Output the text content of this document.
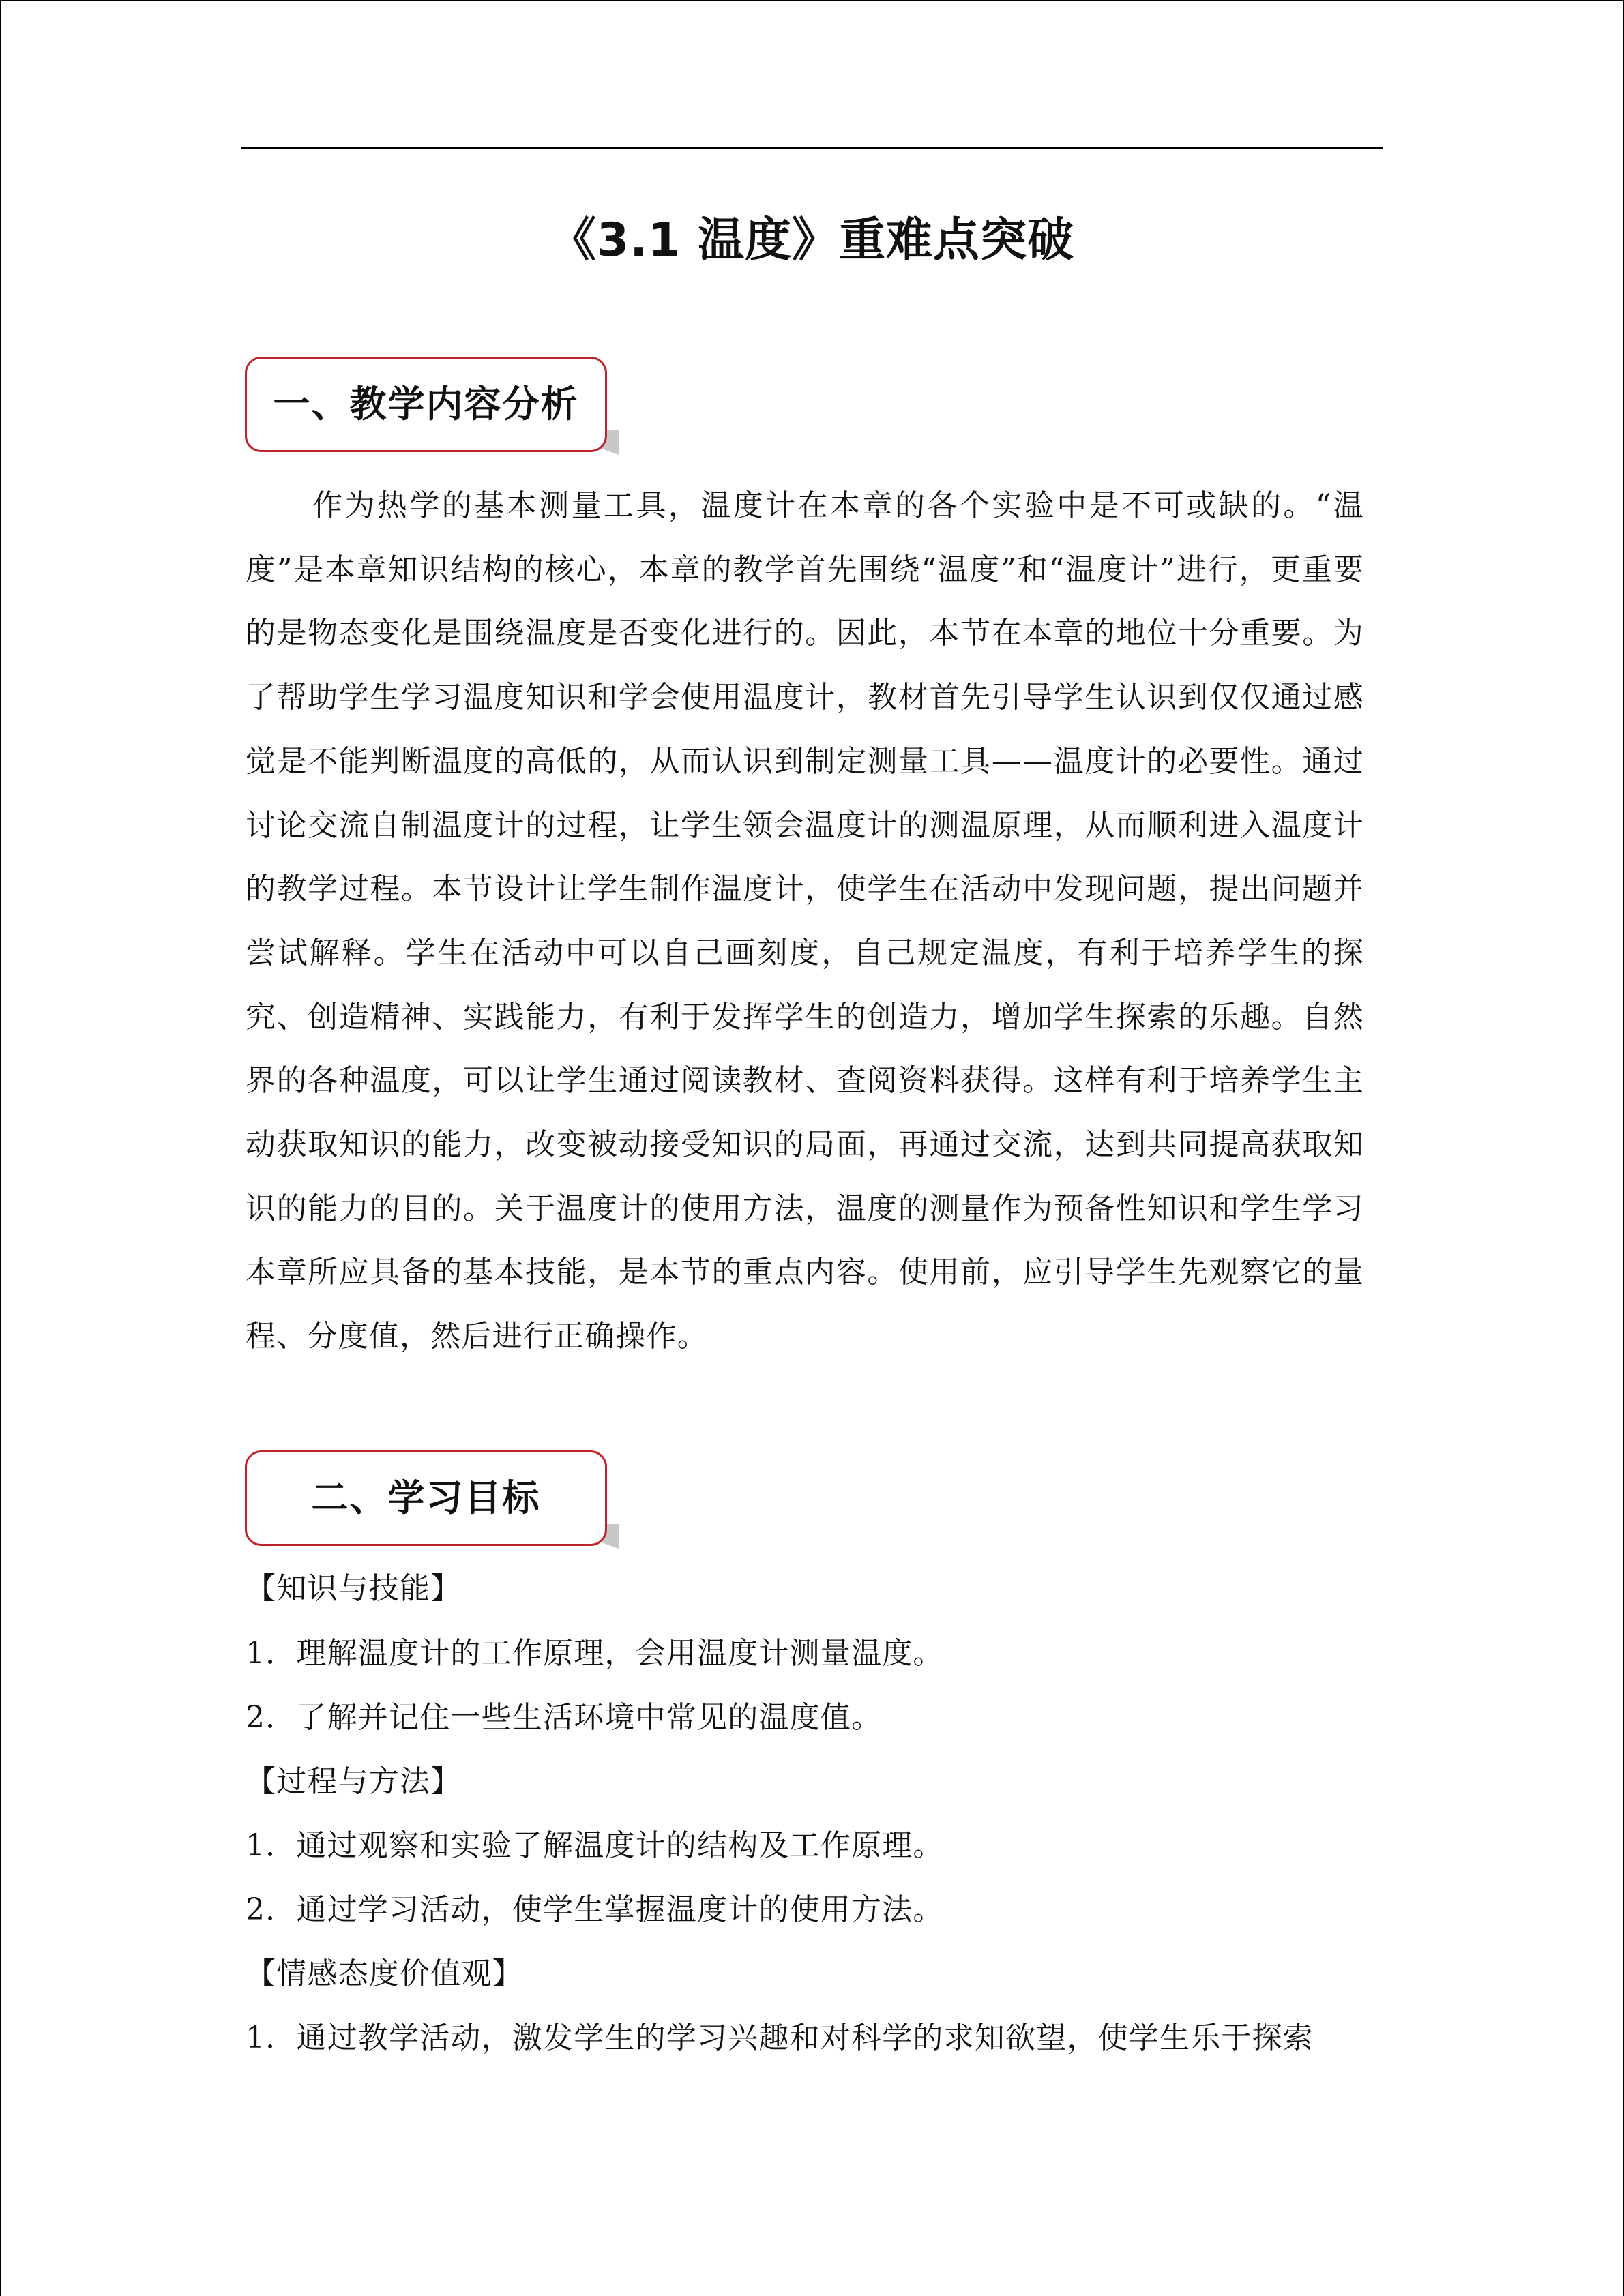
《3.1 温度》重难点突破
一、教学内容分析

作为热学的基本测量工具，温度计在本章的各个实验中是不可或缺的。“温度”是本章知识结构的核心，本章的教学首先围绕“温度”和“温度计”进行，更重要的是物态变化是围绕温度是否变化进行的。因此，本节在本章的地位十分重要。为了帮助学生学习温度知识和学会使用温度计，教材首先引导学生认识到仅仅通过感觉是不能判断温度的高低的，从而认识到制定测量工具——温度计的必要性。通过讨论交流自制温度计的过程，让学生领会温度计的测温原理，从而顺利进入温度计的教学过程。本节设计让学生制作温度计，使学生在活动中发现问题，提出问题并尝试解释。学生在活动中可以自己画刻度，自己规定温度，有利于培养学生的探究、创造精神、实践能力，有利于发挥学生的创造力，增加学生探索的乐趣。自然界的各种温度，可以让学生通过阅读教材、查阅资料获得。这样有利于培养学生主动获取知识的能力，改变被动接受知识的局面，再通过交流，达到共同提高获取知识的能力的目的。关于温度计的使用方法，温度的测量作为预备性知识和学生学习本章所应具备的基本技能，是本节的重点内容。使用前，应引导学生先观察它的量程、分度值，然后进行正确操作。

二、学习目标
【知识与技能】
1．理解温度计的工作原理，会用温度计测量温度。
2．了解并记住一些生活环境中常见的温度值。
【过程与方法】
1．通过观察和实验了解温度计的结构及工作原理。
2．通过学习活动，使学生掌握温度计的使用方法。
【情感态度价值观】
1．通过教学活动，激发学生的学习兴趣和对科学的求知欲望，使学生乐于探索
